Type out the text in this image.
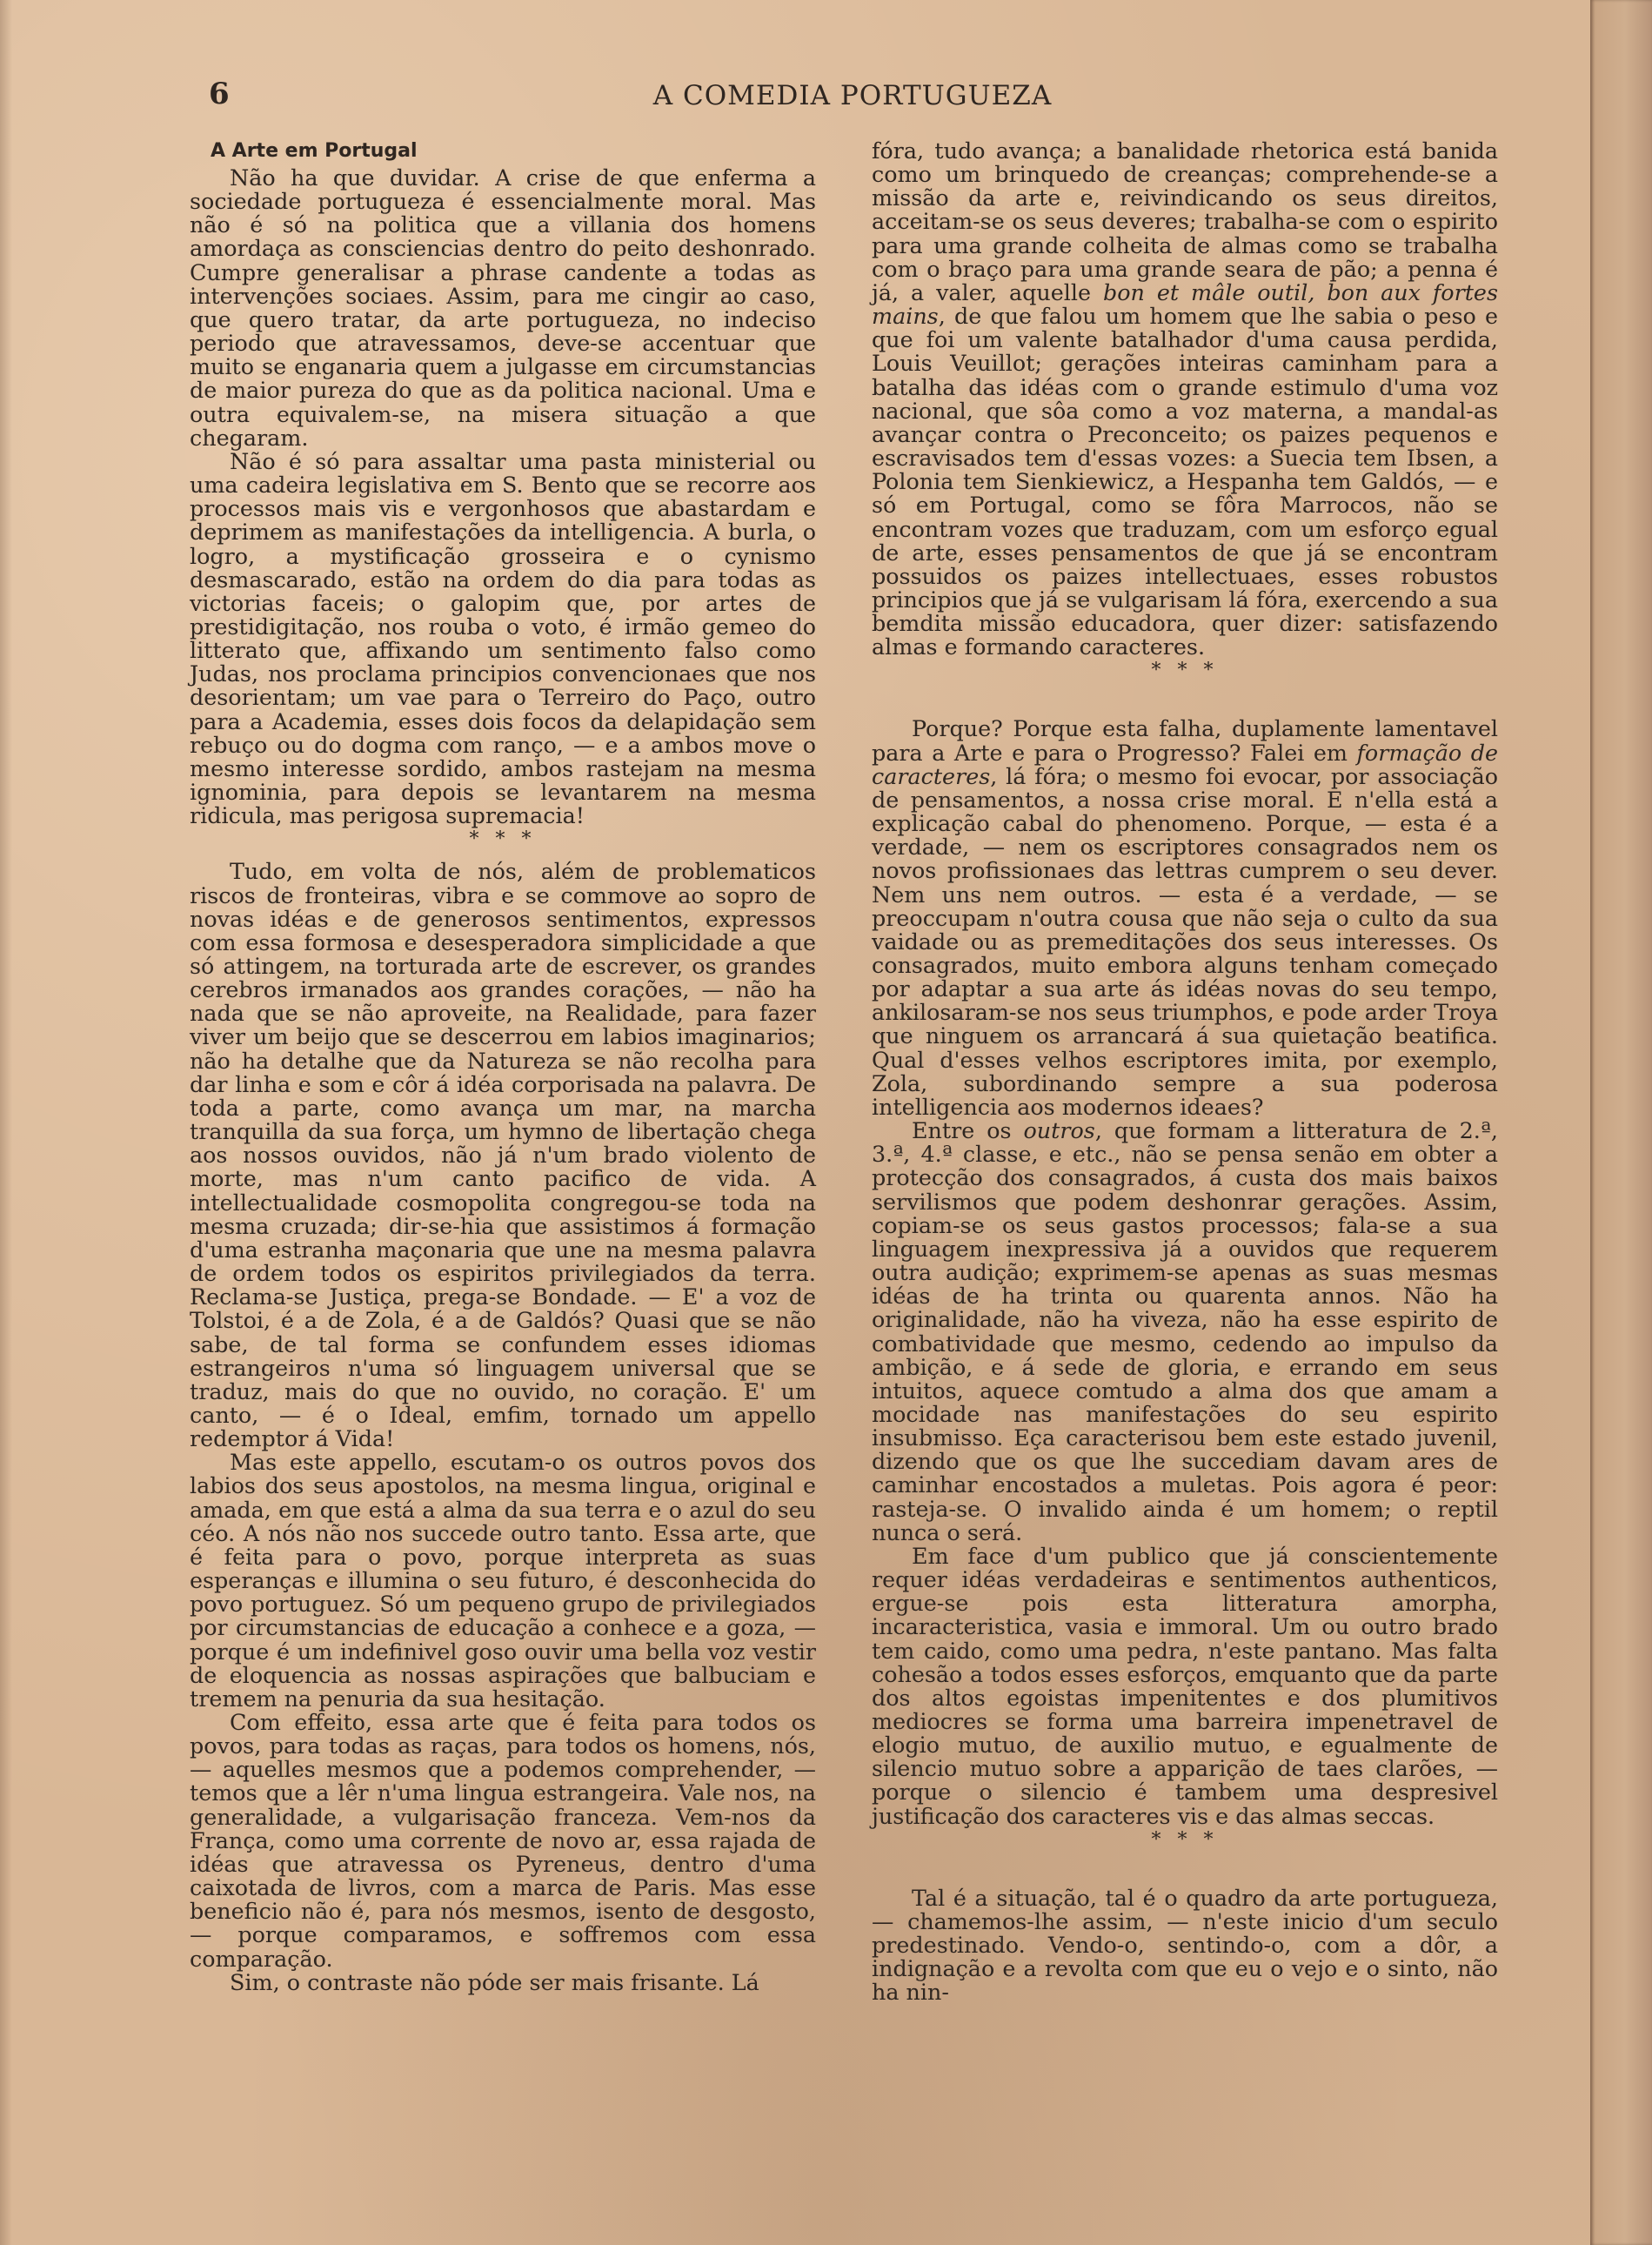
6	A COMEDIA PORTUGUEZA
A Arte em Portugal

Não ha que duvidar. A crise de que enferma a sociedade portugueza é essencialmente moral. Mas não é só na politica que a villania dos homens amordaça as consciencias dentro do peito deshonrado. Cumpre generalisar a phrase candente a todas as intervenções sociaes. Assim, para me cingir ao caso, que quero tratar, da arte portugueza, no indeciso periodo que atravessamos, deve-se accentuar que muito se enganaria quem a julgasse em circumstancias de maior pureza do que as da politica nacional. Uma e outra equivalem-se, na misera situação a que chegaram.

Não é só para assaltar uma pasta ministerial ou uma cadeira legislativa em S. Bento que se recorre aos processos mais vis e vergonhosos que abastardam e deprimem as manifestações da intelligencia. A burla, o logro, a mystificação grosseira e o cynismo desmascarado, estão na ordem do dia para todas as victorias faceis; o galopim que, por artes de prestidigitação, nos rouba o voto, é irmão gemeo do litterato que, affixando um sentimento falso como Judas, nos proclama principios convencionaes que nos desorientam; um vae para o Terreiro do Paço, outro para a Academia, esses dois focos da delapidação sem rebuço ou do dogma com ranço, — e a ambos move o mesmo interesse sordido, ambos rastejam na mesma ignominia, para depois se levantarem na mesma ridicula, mas perigosa supremacia!

* * *

Tudo, em volta de nós, além de problematicos riscos de fronteiras, vibra e se commove ao sopro de novas idéas e de generosos sentimentos, expressos com essa formosa e desesperadora simplicidade a que só attingem, na torturada arte de escrever, os grandes cerebros irmanados aos grandes corações, — não ha nada que se não aproveite, na Realidade, para fazer viver um beijo que se descerrou em labios imaginarios; não ha detalhe que da Natureza se não recolha para dar linha e som e côr á idéa corporisada na palavra. De toda a parte, como avança um mar, na marcha tranquilla da sua força, um hymno de libertação chega aos nossos ouvidos, não já n'um brado violento de morte, mas n'um canto pacifico de vida. A intellectualidade cosmopolita congregou-se toda na mesma cruzada; dir-se-hia que assistimos á formação d'uma estranha maçonaria que une na mesma palavra de ordem todos os espiritos privilegiados da terra. Reclama-se Justiça, prega-se Bondade. — E' a voz de Tolstoi, é a de Zola, é a de Galdós? Quasi que se não sabe, de tal forma se confundem esses idiomas estrangeiros n'uma só linguagem universal que se traduz, mais do que no ouvido, no coração. E' um canto, — é o Ideal, emfim, tornado um appello redemptor á Vida!

Mas este appello, escutam-o os outros povos dos labios dos seus apostolos, na mesma lingua, original e amada, em que está a alma da sua terra e o azul do seu céo. A nós não nos succede outro tanto. Essa arte, que é feita para o povo, porque interpreta as suas esperanças e illumina o seu futuro, é desconhecida do povo portuguez. Só um pequeno grupo de privilegiados por circumstancias de educação a conhece e a goza, — porque é um indefinivel goso ouvir uma bella voz vestir de eloquencia as nossas aspirações que balbuciam e tremem na penuria da sua hesitação.

Com effeito, essa arte que é feita para todos os povos, para todas as raças, para todos os homens, nós, — aquelles mesmos que a podemos comprehender, — temos que a lêr n'uma lingua estrangeira. Vale nos, na generalidade, a vulgarisação franceza. Vem-nos da França, como uma corrente de novo ar, essa rajada de idéas que atravessa os Pyreneus, dentro d'uma caixotada de livros, com a marca de Paris. Mas esse beneficio não é, para nós mesmos, isento de desgosto, — porque comparamos, e soffremos com essa comparação.

Sim, o contraste não póde ser mais frisante. Lá

fóra, tudo avança; a banalidade rhetorica está banida como um brinquedo de creanças; comprehende-se a missão da arte e, reivindicando os seus direitos, acceitam-se os seus deveres; trabalha-se com o espirito para uma grande colheita de almas como se trabalha com o braço para uma grande seara de pão; a penna é já, a valer, aquelle bon et mâle outil, bon aux fortes mains, de que falou um homem que lhe sabia o peso e que foi um valente batalhador d'uma causa perdida, Louis Veuillot; gerações inteiras caminham para a batalha das idéas com o grande estimulo d'uma voz nacional, que sôa como a voz materna, a mandal-as avançar contra o Preconceito; os paizes pequenos e escravisados tem d'essas vozes: a Suecia tem Ibsen, a Polonia tem Sienkiewicz, a Hespanha tem Galdós, — e só em Portugal, como se fôra Marrocos, não se encontram vozes que traduzam, com um esforço egual de arte, esses pensamentos de que já se encontram possuidos os paizes intellectuaes, esses robustos principios que já se vulgarisam lá fóra, exercendo a sua bemdita missão educadora, quer dizer: satisfazendo almas e formando caracteres.

* * *

Porque? Porque esta falha, duplamente lamentavel para a Arte e para o Progresso? Falei em formação de caracteres, lá fóra; o mesmo foi evocar, por associação de pensamentos, a nossa crise moral. E n'ella está a explicação cabal do phenomeno. Porque, — esta é a verdade, — nem os escriptores consagrados nem os novos profissionaes das lettras cumprem o seu dever. Nem uns nem outros. — esta é a verdade, — se preoccupam n'outra cousa que não seja o culto da sua vaidade ou as premeditações dos seus interesses. Os consagrados, muito embora alguns tenham começado por adaptar a sua arte ás idéas novas do seu tempo, ankilosaram-se nos seus triumphos, e pode arder Troya que ninguem os arrancará á sua quietação beatifica. Qual d'esses velhos escriptores imita, por exemplo, Zola, subordinando sempre a sua poderosa intelligencia aos modernos ideaes?

Entre os outros, que formam a litteratura de 2.ª, 3.ª, 4.ª classe, e etc., não se pensa senão em obter a protecção dos consagrados, á custa dos mais baixos servilismos que podem deshonrar gerações. Assim, copiam-se os seus gastos processos; fala-se a sua linguagem inexpressiva já a ouvidos que requerem outra audição; exprimem-se apenas as suas mesmas idéas de ha trinta ou quarenta annos. Não ha originalidade, não ha viveza, não ha esse espirito de combatividade que mesmo, cedendo ao impulso da ambição, e á sede de gloria, e errando em seus intuitos, aquece comtudo a alma dos que amam a mocidade nas manifestações do seu espirito insubmisso. Eça caracterisou bem este estado juvenil, dizendo que os que lhe succediam davam ares de caminhar encostados a muletas. Pois agora é peor: rasteja-se. O invalido ainda é um homem; o reptil nunca o será.

Em face d'um publico que já conscientemente requer idéas verdadeiras e sentimentos authenticos, ergue-se pois esta litteratura amorpha, incaracteristica, vasia e immoral. Um ou outro brado tem caido, como uma pedra, n'este pantano. Mas falta cohesão a todos esses esforços, emquanto que da parte dos altos egoistas impenitentes e dos plumitivos mediocres se forma uma barreira impenetravel de elogio mutuo, de auxilio mutuo, e egualmente de silencio mutuo sobre a apparição de taes clarões, — porque o silencio é tambem uma despresivel justificação dos caracteres vis e das almas seccas.

* * *

Tal é a situação, tal é o quadro da arte portugueza, — chamemos-lhe assim, — n'este inicio d'um seculo predestinado. Vendo-o, sentindo-o, com a dôr, a indignação e a revolta com que eu o vejo e o sinto, não ha nin-
